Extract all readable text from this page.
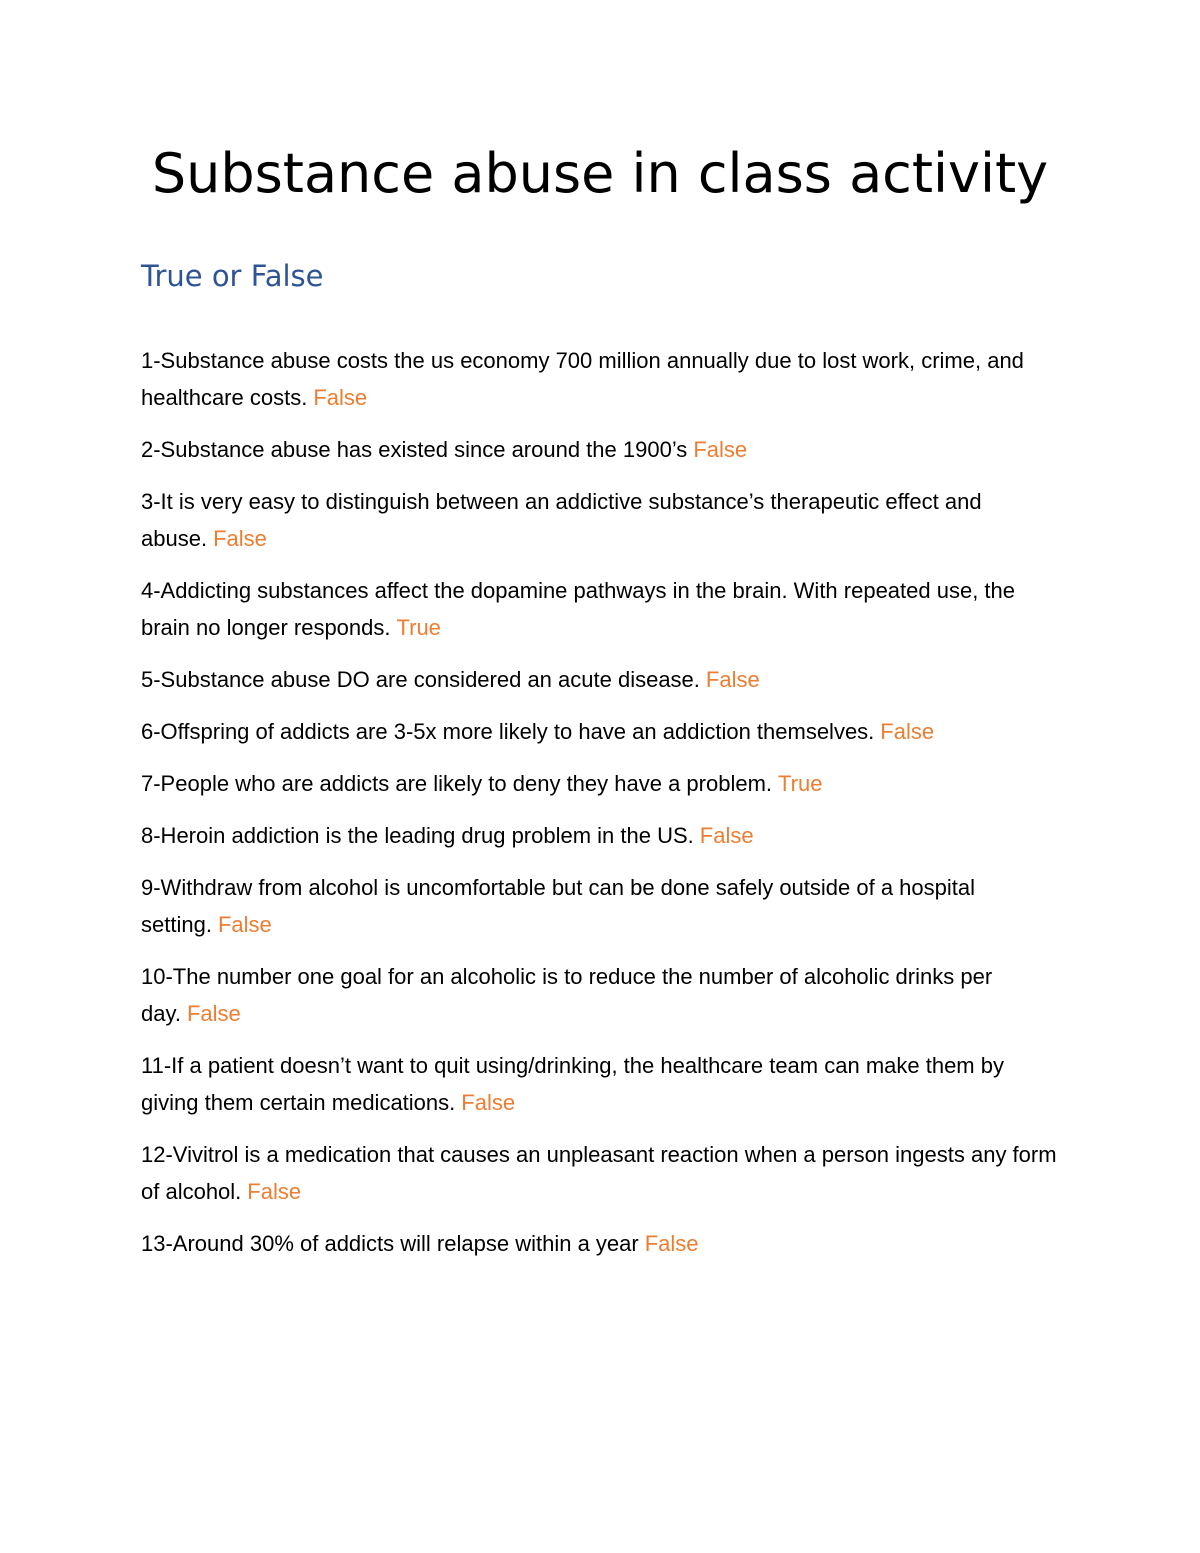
Substance abuse in class activity
True or False
1-Substance abuse costs the us economy 700 million annually due to lost work, crime, and healthcare costs. False
2-Substance abuse has existed since around the 1900’s False
3-It is very easy to distinguish between an addictive substance’s therapeutic effect and abuse. False
4-Addicting substances affect the dopamine pathways in the brain. With repeated use, the brain no longer responds. True
5-Substance abuse DO are considered an acute disease. False
6-Offspring of addicts are 3-5x more likely to have an addiction themselves. False
7-People who are addicts are likely to deny they have a problem. True
8-Heroin addiction is the leading drug problem in the US. False
9-Withdraw from alcohol is uncomfortable but can be done safely outside of a hospital setting. False
10-The number one goal for an alcoholic is to reduce the number of alcoholic drinks per day. False
11-If a patient doesn’t want to quit using/drinking, the healthcare team can make them by giving them certain medications. False
12-Vivitrol is a medication that causes an unpleasant reaction when a person ingests any form of alcohol. False
13-Around 30% of addicts will relapse within a year False
